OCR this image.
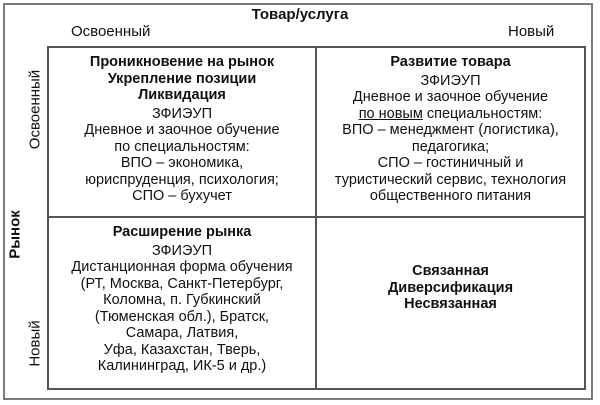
Товар/услуга
Освоенный	Новый
Рынок
Освоенный
Новый
Проникновение на рынок
Укрепление позиции
Ликвидация
ЗФИЭУП
Дневное и заочное обучение
по специальностям:
ВПО – экономика,
юриспруденция, психология;
СПО – бухучет
Развитие товара
ЗФИЭУП
Дневное и заочное обучение
по новым специальностям:
ВПО – менеджмент (логистика),
педагогика;
СПО – гостиничный и
туристический сервис, технология
общественного питания
Расширение рынка
ЗФИЭУП
Дистанционная форма обучения
(РТ, Москва, Санкт-Петербург,
Коломна, п. Губкинский
(Тюменская обл.), Братск,
Самара, Латвия,
Уфа, Казахстан, Тверь,
Калининград, ИК-5 и др.)
Связанная
Диверсификация
Несвязанная
